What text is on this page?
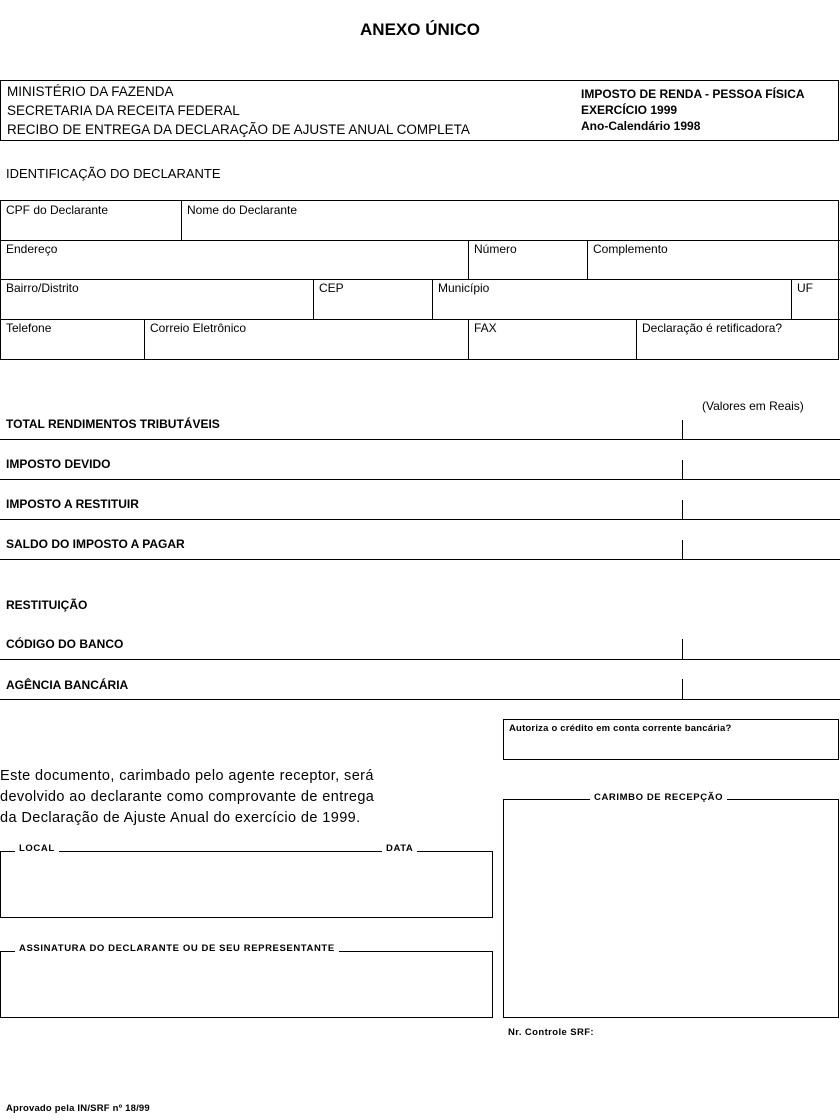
ANEXO ÚNICO
MINISTÉRIO DA FAZENDA
SECRETARIA DA RECEITA FEDERAL
RECIBO DE ENTREGA DA DECLARAÇÃO DE AJUSTE ANUAL COMPLETA
IMPOSTO DE RENDA - PESSOA FÍSICA
EXERCÍCIO 1999
Ano-Calendário 1998
IDENTIFICAÇÃO DO DECLARANTE
CPF do Declarante	Nome do Declarante
Endereço	Número	Complemento
Bairro/Distrito	CEP	Município	UF
Telefone	Correio Eletrônico	FAX	Declaração é retificadora?
(Valores em Reais)
TOTAL RENDIMENTOS TRIBUTÁVEIS
IMPOSTO DEVIDO
IMPOSTO A RESTITUIR
SALDO DO IMPOSTO A PAGAR
RESTITUIÇÃO
CÓDIGO DO BANCO
AGÊNCIA BANCÁRIA
Autoriza o crédito em conta corrente bancária?
Este documento, carimbado pelo agente receptor, será
devolvido ao declarante como comprovante de entrega
da Declaração de Ajuste Anual do exercício de 1999.
LOCAL	DATA
ASSINATURA DO DECLARANTE OU DE SEU REPRESENTANTE
CARIMBO DE RECEPÇÃO
Nr. Controle SRF:
Aprovado pela IN/SRF nº 18/99
